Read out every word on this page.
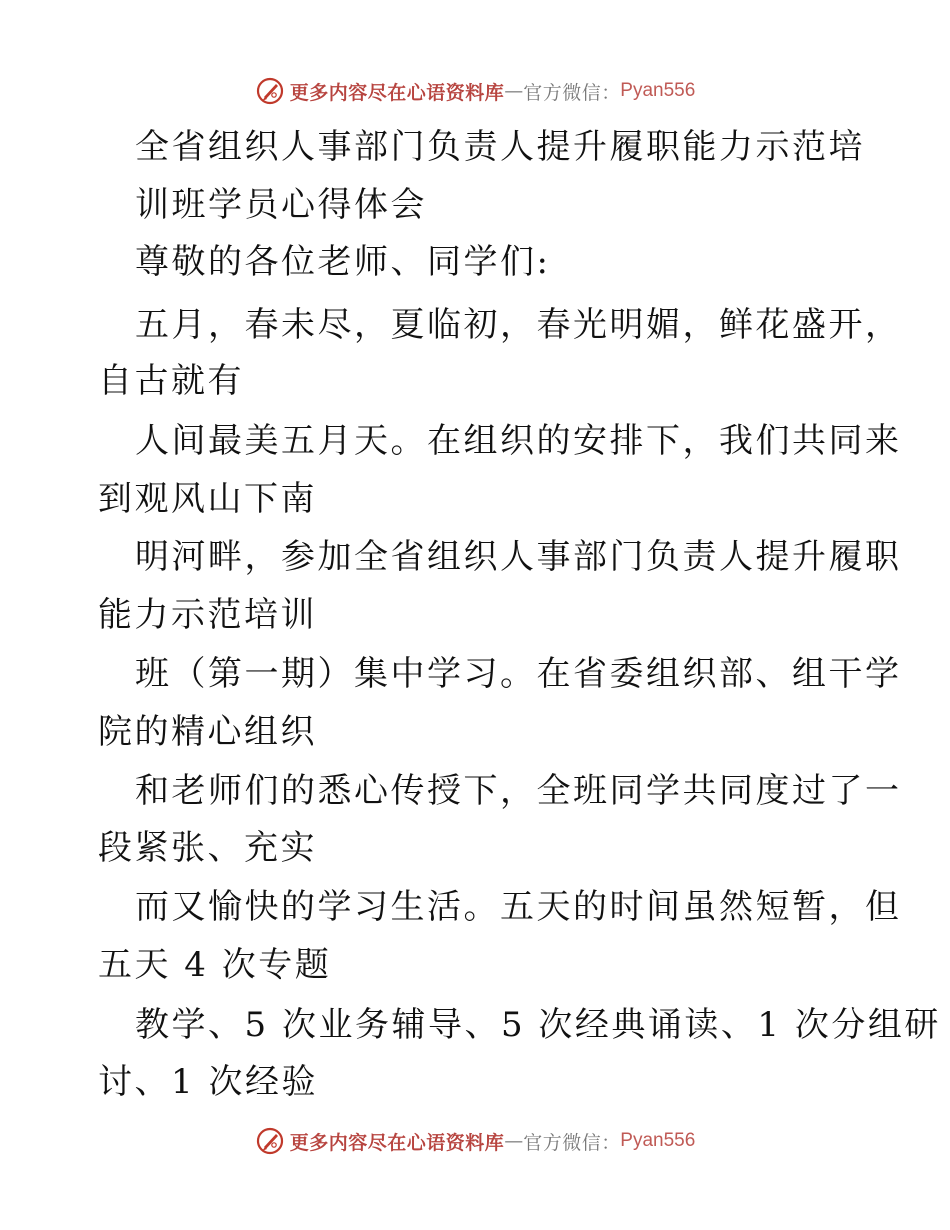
更多内容尽在心语资料库 — 官方微信 ： Pyan556
全省组织人事部门负责人提升履职能力示范培
训班学员心得体会
尊敬的各位老师、同学们:
五月，春未尽，夏临初，春光明媚，鲜花盛开，
自古就有
人间最美五月天。在组织的安排下，我们共同来
到观风山下南
明河畔，参加全省组织人事部门负责人提升履职
能力示范培训
班（第一期）集中学习。在省委组织部、组干学
院的精心组织
和老师们的悉心传授下，全班同学共同度过了一
段紧张、充实
而又愉快的学习生活。五天的时间虽然短暂，但
五天 4 次专题
教学、5 次业务辅导、5 次经典诵读、1 次分组研
讨、1 次经验
更多内容尽在心语资料库 — 官方微信 ： Pyan556
